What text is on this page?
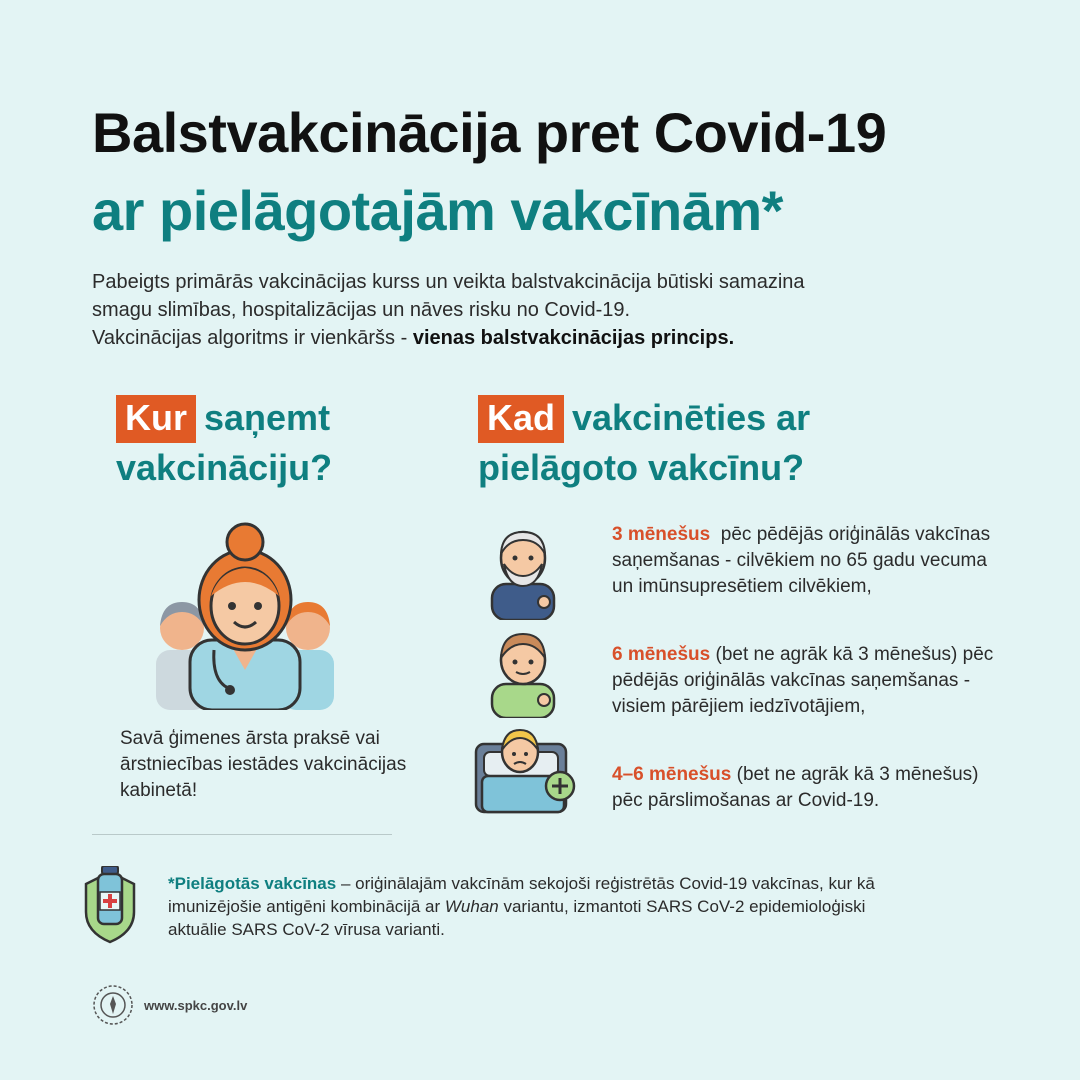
Balstvakcinācija pret Covid-19
ar pielāgotajām vakcīnām*

Pabeigts primārās vakcinācijas kurss un veikta balstvakcinācija būtiski samazina

smagu slimības, hospitalizācijas un nāves risku no Covid-19.

Vakcinācijas algoritms ir vienkāršs - vienas balstvakcinācijas princips.

Kur saņemt
vakcināciju?
Kad vakcinēties ar
pielāgoto vakcīnu?
Savā ģimenes ārsta praksē vai ārstniecības iestādes vakcinācijas kabinetā!
3 mēnešus  pēc pēdējās oriģinālās vakcīnas saņemšanas - cilvēkiem no 65 gadu vecuma un imūnsupresētiem cilvēkiem,
6 mēnešus (bet ne agrāk kā 3 mēnešus) pēc pēdējās oriģinālās vakcīnas saņemšanas - visiem pārējiem iedzīvotājiem,
4–6 mēnešus (bet ne agrāk kā 3 mēnešus) pēc pārslimošanas ar Covid-19.
*Pielāgotās vakcīnas – oriģinālajām vakcīnām sekojoši reģistrētās Covid-19 vakcīnas, kur kā imunizējošie antigēni kombinācijā ar Wuhan variantu, izmantoti SARS CoV-2 epidemioloģiski aktuālie SARS CoV-2 vīrusa varianti.
www.spkc.gov.lv
